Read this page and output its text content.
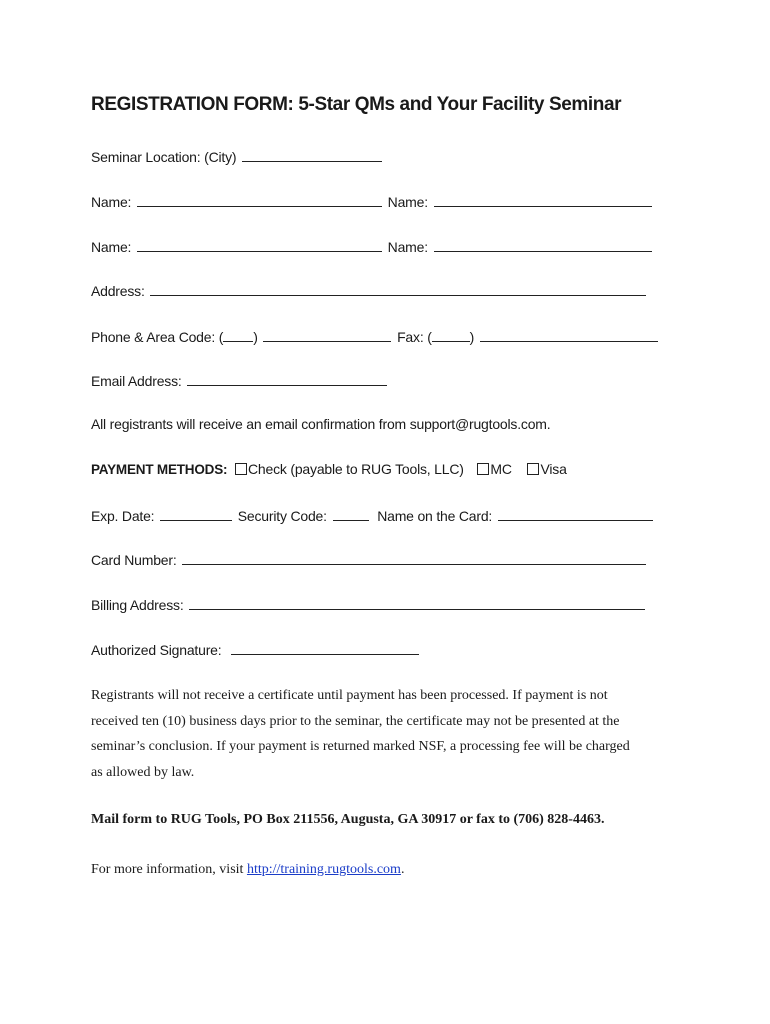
REGISTRATION FORM: 5-Star QMs and Your Facility Seminar
Seminar Location: (City)
Name:	Name:
Name:	Name:
Address:
Phone & Area Code: ( )	Fax: (	)
Email Address:
All registrants will receive an email confirmation from support@rugtools.com.
PAYMENT METHODS: Check (payable to RUG Tools, LLC) MC Visa
Exp. Date:	Security Code:	Name on the Card:
Card Number:
Billing Address:
Authorized Signature:
Registrants will not receive a certificate until payment has been processed. If payment is not
received ten (10) business days prior to the seminar, the certificate may not be presented at the
seminar’s conclusion. If your payment is returned marked NSF, a processing fee will be charged
as allowed by law.
Mail form to RUG Tools, PO Box 211556, Augusta, GA 30917 or fax to (706) 828-4463.
For more information, visit http://training.rugtools.com.
